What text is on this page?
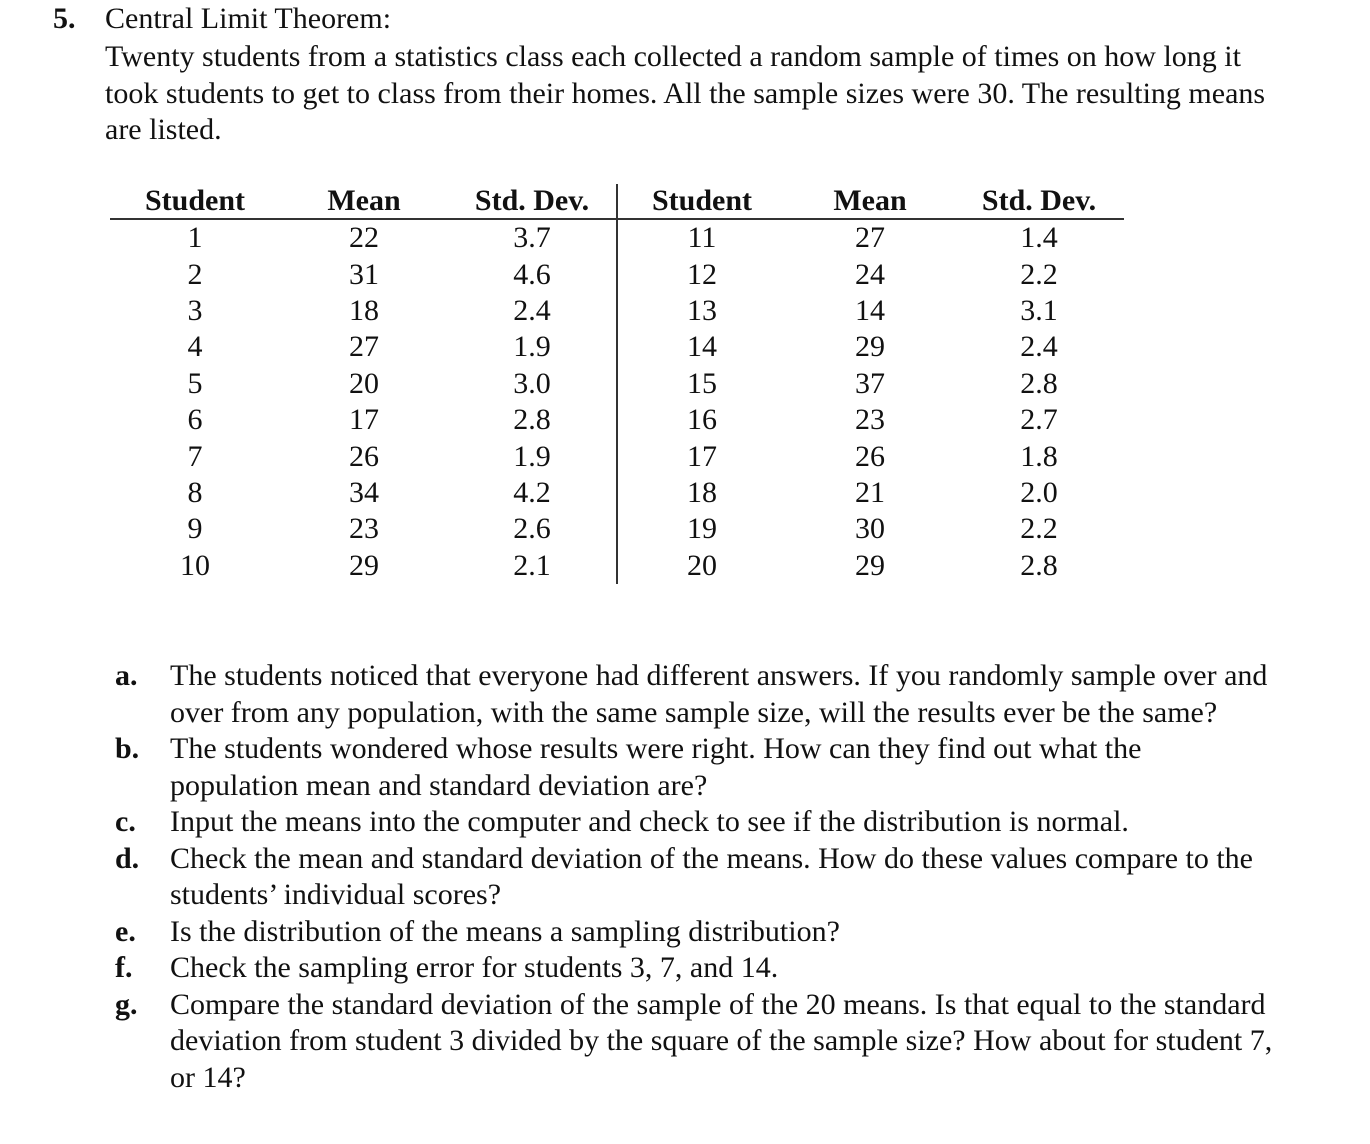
5. Central Limit Theorem:
Twenty students from a statistics class each collected a random sample of times on how long it
took students to get to class from their homes. All the sample sizes were 30. The resulting means
are listed.
Student	Mean	Std. Dev.	Student	Mean	Std. Dev.
1	22	3.7	11	27	1.4
2	31	4.6	12	24	2.2
3	18	2.4	13	14	3.1
4	27	1.9	14	29	2.4
5	20	3.0	15	37	2.8
6	17	2.8	16	23	2.7
7	26	1.9	17	26	1.8
8	34	4.2	18	21	2.0
9	23	2.6	19	30	2.2
10	29	2.1	20	29	2.8
a. The students noticed that everyone had different answers. If you randomly sample over and
over from any population, with the same sample size, will the results ever be the same?
b. The students wondered whose results were right. How can they find out what the
population mean and standard deviation are?
c. Input the means into the computer and check to see if the distribution is normal.
d. Check the mean and standard deviation of the means. How do these values compare to the
students’ individual scores?
e. Is the distribution of the means a sampling distribution?
f. Check the sampling error for students 3, 7, and 14.
g. Compare the standard deviation of the sample of the 20 means. Is that equal to the standard
deviation from student 3 divided by the square of the sample size? How about for student 7,
or 14?
